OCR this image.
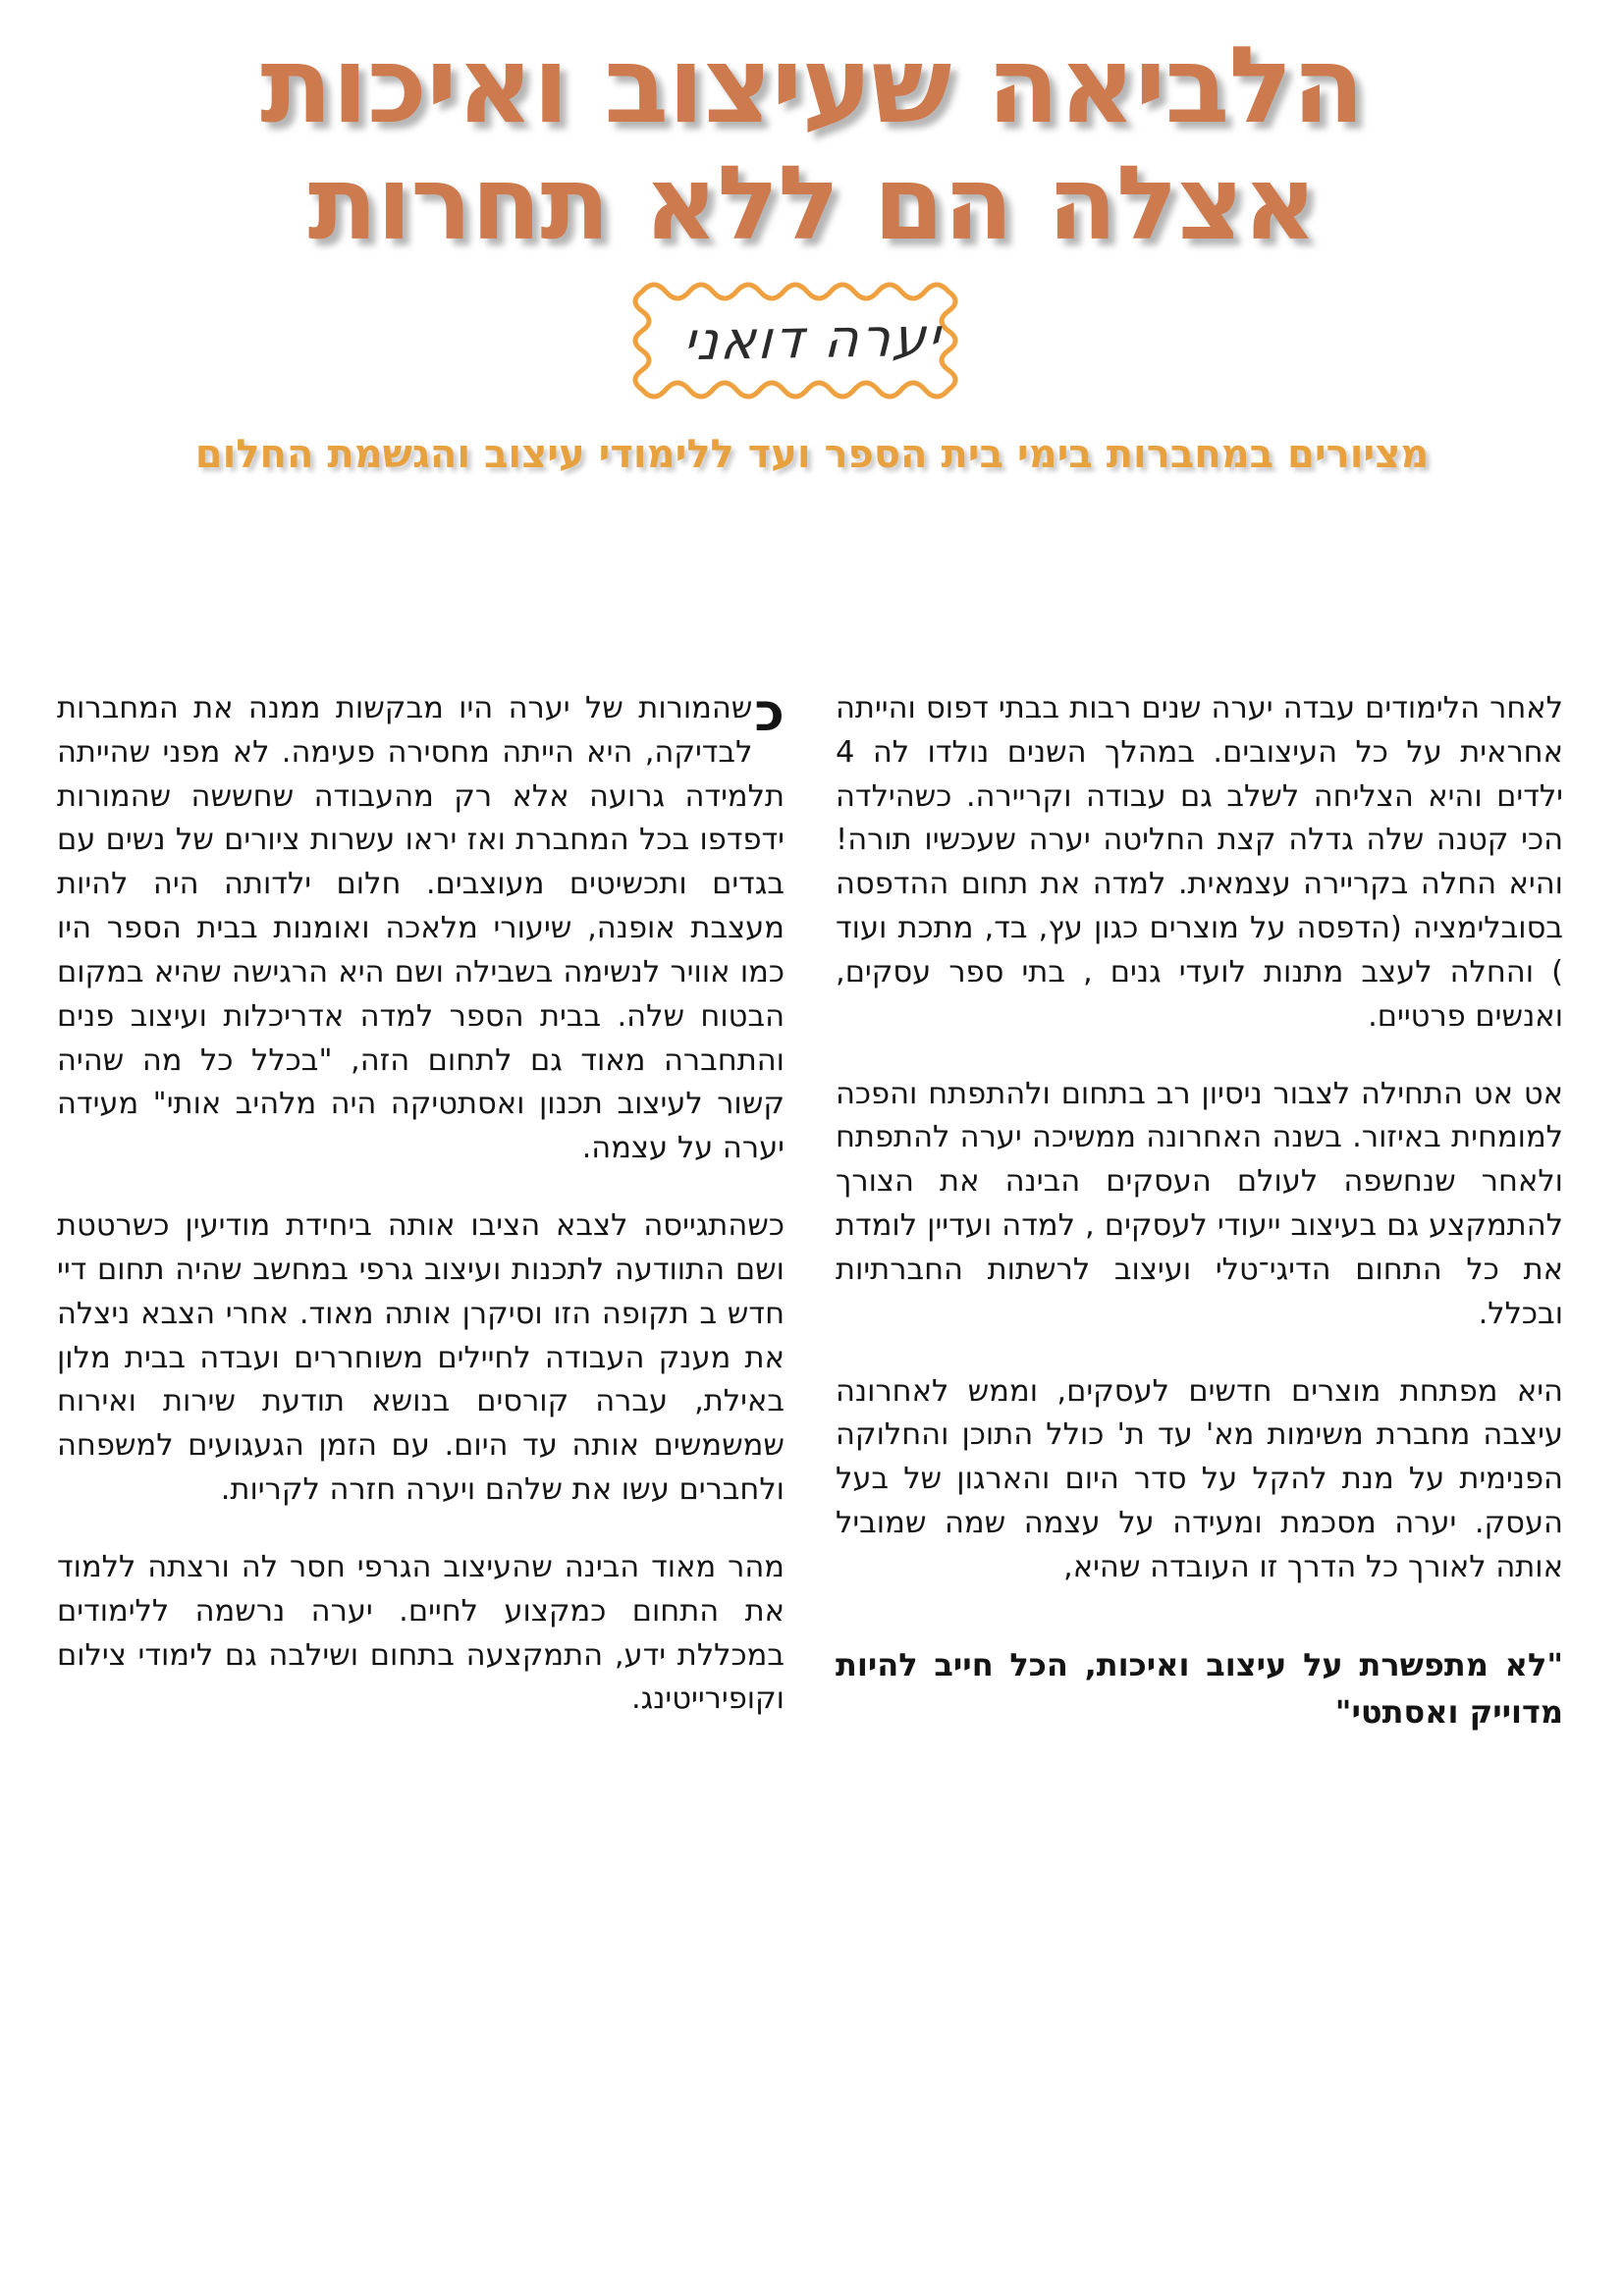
הלביאה שעיצוב ואיכות
אצלה הם ללא תחרות
יערה דואני
מציורים במחברות בימי בית הספר ועד ללימודי עיצוב והגשמת החלום

לאחר הלימודים עבדה יערה שנים רבות בבתי דפוס והייתה אחראית על כל העיצובים. במהלך השנים נולדו לה 4 ילדים והיא הצליחה לשלב גם עבודה וקריירה. כשהילדה הכי קטנה שלה גדלה קצת החליטה יערה שעכשיו תורה! והיא החלה בקריירה עצמאית. למדה את תחום ההדפסה בסובלימציה (הדפסה על מוצרים כגון עץ, בד, מתכת ועוד ) והחלה לעצב מתנות לועדי גנים , בתי ספר עסקים, ואנשים פרטיים.

אט אט התחילה לצבור ניסיון רב בתחום ולהתפתח והפכה למומחית באיזור. בשנה האחרונה ממשיכה יערה להתפתח ולאחר שנחשפה לעולם העסקים הבינה את הצורך להתמקצע גם בעיצוב ייעודי לעסקים , למדה ועדיין לומדת את כל התחום הדיגי־טלי ועיצוב לרשתות החברתיות ובכלל.

היא מפתחת מוצרים חדשים לעסקים, וממש לאחרונה עיצבה מחברת משימות מא' עד ת' כולל התוכן והחלוקה הפנימית על מנת להקל על סדר היום והארגון של בעל העסק. יערה מסכמת ומעידה על עצמה שמה שמוביל אותה לאורך כל הדרך זו העובדה שהיא,

"לא מתפשרת על עיצוב ואיכות, הכל חייב להיות מדוייק ואסתטי"

כשהמורות של יערה היו מבקשות ממנה את המחברות לבדיקה, היא הייתה מחסירה פעימה. לא מפני שהייתה תלמידה גרועה אלא רק מהעבודה שחששה שהמורות ידפדפו בכל המחברת ואז יראו עשרות ציורים של נשים עם בגדים ותכשיטים מעוצבים. חלום ילדותה היה להיות מעצבת אופנה, שיעורי מלאכה ואומנות בבית הספר היו כמו אוויר לנשימה בשבילה ושם היא הרגישה שהיא במקום הבטוח שלה. בבית הספר למדה אדריכלות ועיצוב פנים והתחברה מאוד גם לתחום הזה, "בכלל כל מה שהיה קשור לעיצוב תכנון ואסתטיקה היה מלהיב אותי" מעידה יערה על עצמה.

כשהתגייסה לצבא הציבו אותה ביחידת מודיעין כשרטטת ושם התוודעה לתכנות ועיצוב גרפי במחשב שהיה תחום דיי חדש ב תקופה הזו וסיקרן אותה מאוד. אחרי הצבא ניצלה את מענק העבודה לחיילים משוחררים ועבדה בבית מלון באילת, עברה קורסים בנושא תודעת שירות ואירוח שמשמשים אותה עד היום. עם הזמן הגעגועים למשפחה ולחברים עשו את שלהם ויערה חזרה לקריות.

מהר מאוד הבינה שהעיצוב הגרפי חסר לה ורצתה ללמוד את התחום כמקצוע לחיים. יערה נרשמה ללימודים במכללת ידע, התמקצעה בתחום ושילבה גם לימודי צילום וקופירייטינג.
